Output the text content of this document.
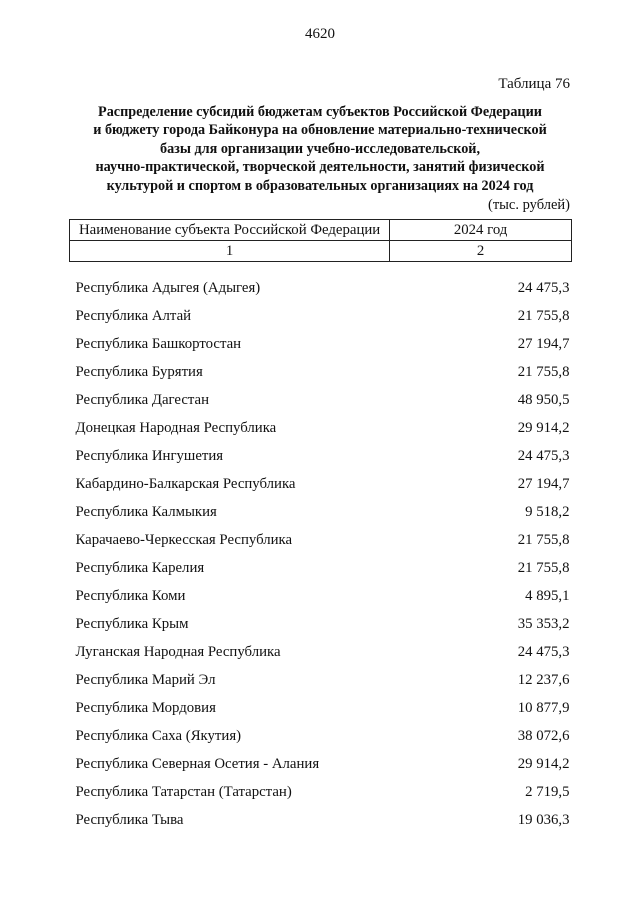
4620
Таблица 76
Распределение субсидий бюджетам субъектов Российской Федерации
и бюджету города Байконура на обновление материально-технической
базы для организации учебно-исследовательской,
научно-практической, творческой деятельности, занятий физической
культурой и спортом в образовательных организациях на 2024 год
(тыс. рублей)
Наименование субъекта Российской Федерации	2024 год
1	2

Республика Адыгея (Адыгея)	24 475,3
Республика Алтай	21 755,8
Республика Башкортостан	27 194,7
Республика Бурятия	21 755,8
Республика Дагестан	48 950,5
Донецкая Народная Республика	29 914,2
Республика Ингушетия	24 475,3
Кабардино-Балкарская Республика	27 194,7
Республика Калмыкия	9 518,2
Карачаево-Черкесская Республика	21 755,8
Республика Карелия	21 755,8
Республика Коми	4 895,1
Республика Крым	35 353,2
Луганская Народная Республика	24 475,3
Республика Марий Эл	12 237,6
Республика Мордовия	10 877,9
Республика Саха (Якутия)	38 072,6
Республика Северная Осетия - Алания	29 914,2
Республика Татарстан (Татарстан)	2 719,5
Республика Тыва	19 036,3
